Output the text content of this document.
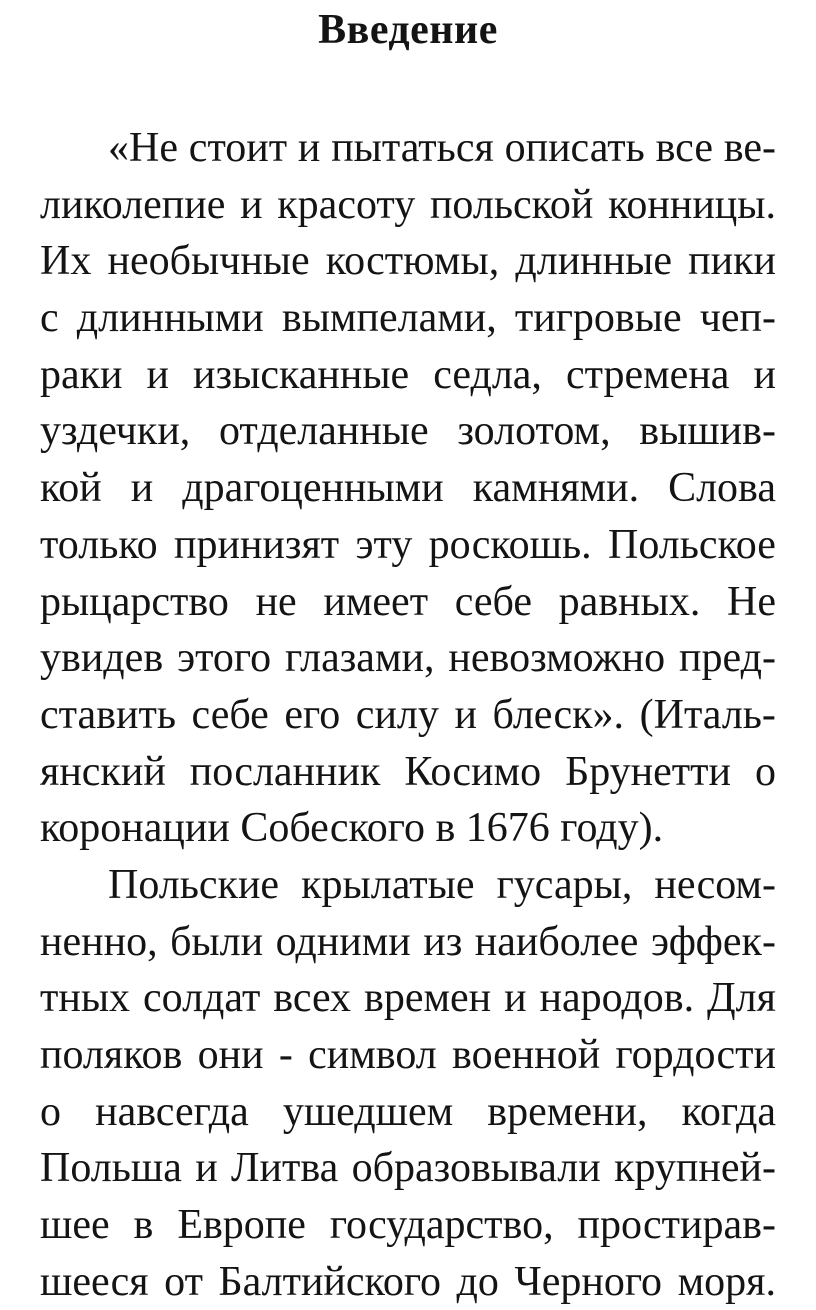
Введение
«Не стоит и пытаться описать все ве-
ликолепие и красоту польской конницы.
Их необычные костюмы, длинные пики
с длинными вымпелами, тигровые чеп-
раки и изысканные седла, стремена и
уздечки, отделанные золотом, вышив-
кой и драгоценными камнями. Слова
только принизят эту роскошь. Польское
рыцарство не имеет себе равных. Не
увидев этого глазами, невозможно пред-
ставить себе его силу и блеск». (Италь-
янский посланник Косимо Брунетти о
коронации Собеского в 1676 году).
Польские крылатые гусары, несом-
ненно, были одними из наиболее эффек-
тных солдат всех времен и народов. Для
поляков они - символ военной гордости
о навсегда ушедшем времени, когда
Польша и Литва образовывали крупней-
шее в Европе государство, простирав-
шееся от Балтийского до Черного моря.
